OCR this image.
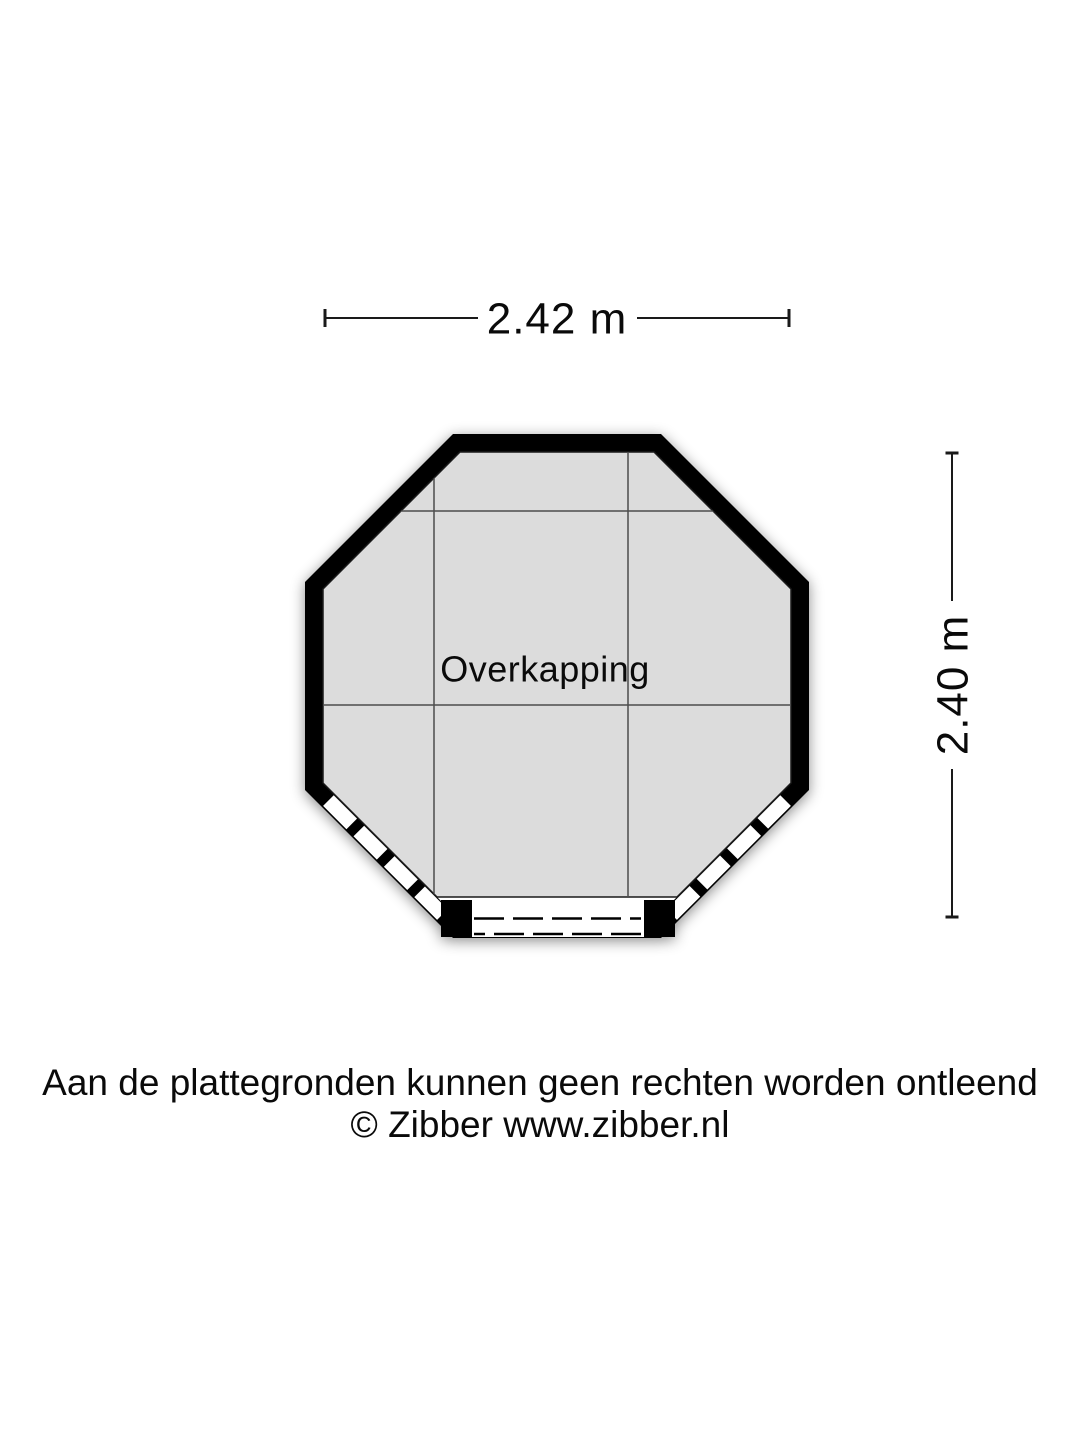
Overkapping
2.42 m
2.40 m
Aan de plattegronden kunnen geen rechten worden ontleend
© Zibber www.zibber.nl
